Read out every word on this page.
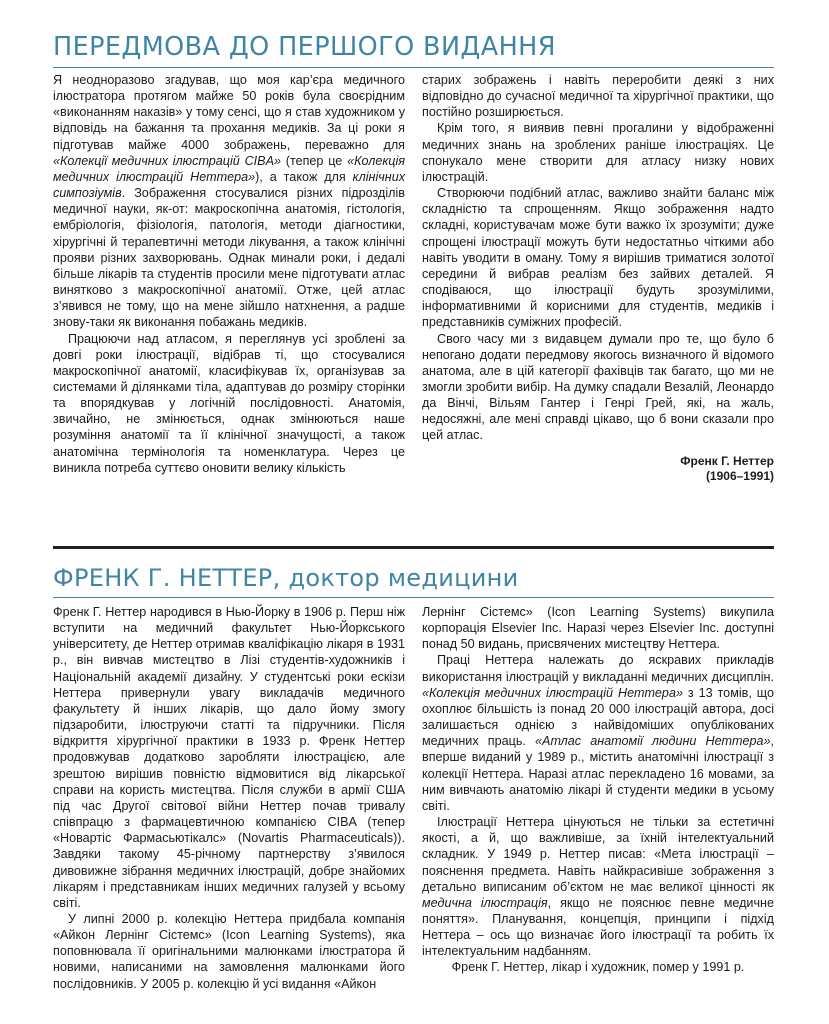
ПЕРЕДМОВА ДО ПЕРШОГО ВИДАННЯ

Я неодноразово згадував, що моя кар’єра медичного ілюстратора протягом майже 50 років була своєрідним «виконанням наказів» у тому сенсі, що я став художником у відповідь на бажання та прохання медиків. За ці роки я підготував майже 4000 зображень, переважно для «Колекції медичних ілюстрацій CIBA» (тепер це «Колекція медичних ілюстрацій Неттера»), а також для клінічних симпозіумів. Зображення стосувалися різних підрозділів медичної науки, як-от: макроскопічна анатомія, гістологія, ембріологія, фізіологія, патологія, методи діагностики, хірургічні й терапевтичні методи лікування, а також клінічні прояви різних захворювань. Однак минали роки, і дедалі більше лікарів та студентів просили мене підготувати атлас винятково з макроскопічної анатомії. Отже, цей атлас з’явився не тому, що на мене зійшло натхнення, а радше знову-таки як виконання побажань медиків.

Працюючи над атласом, я переглянув усі зроблені за довгі роки ілюстрації, відібрав ті, що стосувалися макроскопічної анатомії, класифікував їх, організував за системами й ділянками тіла, адаптував до розміру сторінки та впорядкував у логічній послідовності. Анатомія, звичайно, не змінюється, однак змінюються наше розуміння анатомії та її клінічної значущості, а також анатомічна термінологія та номенклатура. Через це виникла потреба суттєво оновити велику кількість

старих зображень і навіть переробити деякі з них відповідно до сучасної медичної та хірургічної практики, що постійно розширюється.

Крім того, я виявив певні прогалини у відображенні медичних знань на зроблених раніше ілюстраціях. Це спонукало мене створити для атласу низку нових ілюстрацій.

Створюючи подібний атлас, важливо знайти баланс між складністю та спрощенням. Якщо зображення надто складні, користувачам може бути важко їх зрозуміти; дуже спрощені ілюстрації можуть бути недостатньо чіткими або навіть уводити в оману. Тому я вирішив триматися золотої середини й вибрав реалізм без зайвих деталей. Я сподіваюся, що ілюстрації будуть зрозумілими, інформативними й корисними для студентів, медиків і представників суміжних професій.

Свого часу ми з видавцем думали про те, що було б непогано додати передмову якогось визначного й відомого анатома, але в цій категорії фахівців так багато, що ми не змогли зробити вибір. На думку спадали Везалій, Леонардо да Вінчі, Вільям Гантер і Генрі Грей, які, на жаль, недосяжні, але мені справді цікаво, що б вони сказали про цей атлас.

Френк Г. Неттер
(1906–1991)
ФРЕНК Г. НЕТТЕР, доктор медицини

Френк Г. Неттер народився в Нью-Йорку в 1906 р. Перш ніж вступити на медичний факультет Нью-Йоркського університету, де Неттер отримав кваліфікацію лікаря в 1931 р., він вивчав мистецтво в Лізі студентів-художників і Національній академії дизайну. У студентські роки ескізи Неттера привернули увагу викладачів медичного факультету й інших лікарів, що дало йому змогу підзаробити, ілюструючи статті та підручники. Після відкриття хірургічної практики в 1933 р. Френк Неттер продовжував додатково заробляти ілюстрацією, але зрештою вирішив повністю відмовитися від лікарської справи на користь мистецтва. Після служби в армії США під час Другої світової війни Неттер почав тривалу співпрацю з фармацевтичною компанією CIBA (тепер «Новартіс Фармасьютікалс» (Novartis Pharmaceuticals)). Завдяки такому 45-річному партнерству з’явилося дивовижне зібрання медичних ілюстрацій, добре знайомих лікарям і представникам інших медичних галузей у всьому світі.

У липні 2000 р. колекцію Неттера придбала компанія «Айкон Лернінг Сістемс» (Icon Learning Systems), яка поповнювала її оригінальними малюнками ілюстратора й новими, написаними на замовлення малюнками його послідовників. У 2005 р. колекцію й усі видання «Айкон

Лернінг Сістемс» (Icon Learning Systems) викупила корпорація Elsevier Inc. Наразі через Elsevier Inc. доступні понад 50 видань, присвячених мистецтву Неттера.

Праці Неттера належать до яскравих прикладів використання ілюстрацій у викладанні медичних дисциплін. «Колекція медичних ілюстрацій Неттера» з 13 томів, що охоплює більшість із понад 20 000 ілюстрацій автора, досі залишається однією з найвідоміших опублікованих медичних праць. «Атлас анатомії людини Неттера», вперше виданий у 1989 р., містить анатомічні ілюстрації з колекції Неттера. Наразі атлас перекладено 16 мовами, за ним вивчають анатомію лікарі й студенти медики в усьому світі.

Ілюстрації Неттера цінуються не тільки за естетичні якості, а й, що важливіше, за їхній інтелектуальний складник. У 1949 р. Неттер писав: «Мета ілюстрації – пояснення предмета. Навіть найкрасивіше зображення з детально виписаним об’єктом не має великої цінності як медична ілюстрація, якщо не пояснює певне медичне поняття». Планування, концепція, принципи і підхід Неттера – ось що визначає його ілюстрації та робить їх інтелектуальним надбанням.

Френк Г. Неттер, лікар і художник, помер у 1991 р.
